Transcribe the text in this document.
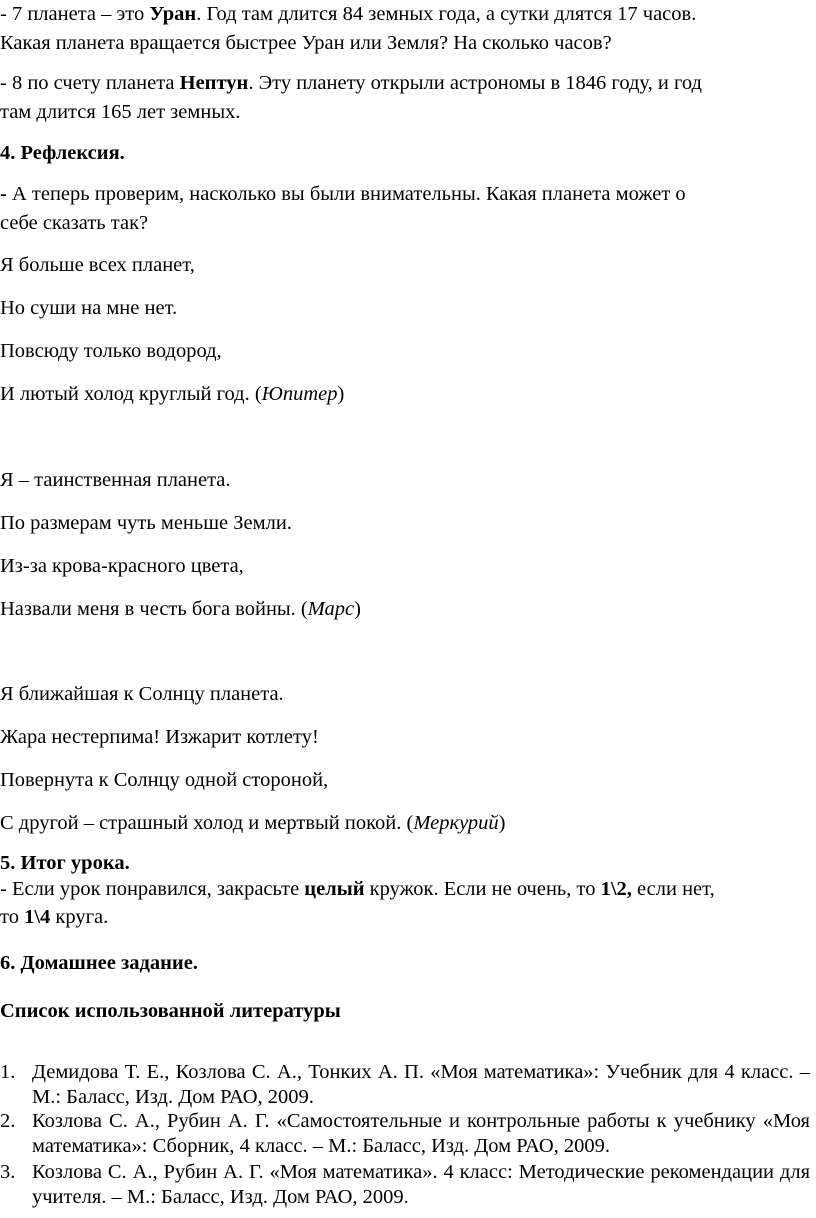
- 7 планета – это Уран. Год там длится 84 земных года, а сутки длятся 17 часов.

Какая планета вращается быстрее Уран или Земля? На сколько часов?

- 8 по счету планета Нептун. Эту планету открыли астрономы в 1846 году, и год

там длится 165 лет земных.

4. Рефлексия.

- А теперь проверим, насколько вы были внимательны. Какая планета может о

себе сказать так?

Я больше всех планет,

Но суши на мне нет.

Повсюду только водород,

И лютый холод круглый год. (Юпитер)

Я – таинственная планета.

По размерам чуть меньше Земли.

Из-за крова-красного цвета,

Назвали меня в честь бога войны. (Марс)

Я ближайшая к Солнцу планета.

Жара нестерпима! Изжарит котлету!

Повернута к Солнцу одной стороной,

С другой – страшный холод и мертвый покой. (Меркурий)

5. Итог урока.

- Если урок понравился, закрасьте целый кружок. Если не очень, то 1\2, если нет,

то 1\4 круга.

6. Домашнее задание.

Список использованной литературы

1. Демидова Т. Е., Козлова С. А., Тонких А. П. «Моя математика»: Учебник для 4 класс. – М.: Баласс, Изд. Дом РАО, 2009.
2. Козлова С. А., Рубин А. Г. «Самостоятельные и контрольные работы к учебнику «Моя математика»: Сборник, 4 класс. – М.: Баласс, Изд. Дом РАО, 2009.
3. Козлова С. А., Рубин А. Г. «Моя математика». 4 класс: Методические рекомендации для учителя. – М.: Баласс, Изд. Дом РАО, 2009.
